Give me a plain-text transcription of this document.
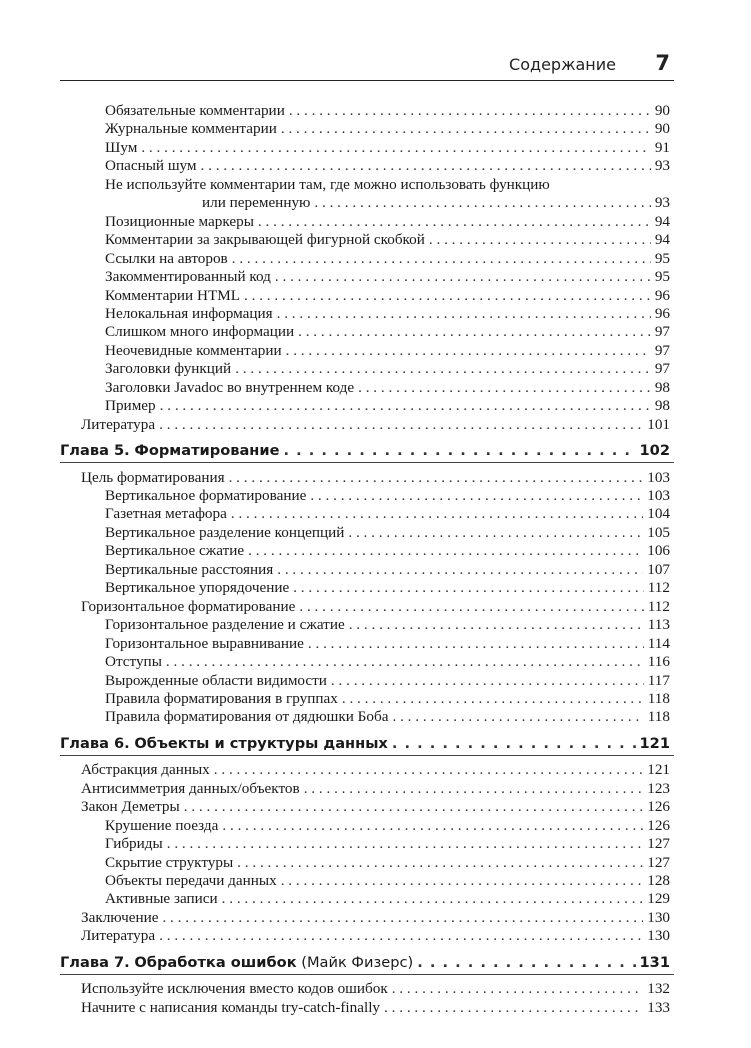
Содержание 7
Обязательные комментарии . . .	90
Журнальные комментарии . . .	90
Шум . . .	91
Опасный шум . . .	93
Не используйте комментарии там, где можно использовать функцию
или переменную . . .	93
Позиционные маркеры . . .	94
Комментарии за закрывающей фигурной скобкой . . .	94
Ссылки на авторов . . .	95
Закомментированный код . . .	95
Комментарии HTML . . .	96
Нелокальная информация . . .	96
Слишком много информации . . .	97
Неочевидные комментарии . . .	97
Заголовки функций . . .	97
Заголовки Javadoc во внутреннем коде . . .	98
Пример . . .	98
Литература . . .	101
Глава 5. Форматирование . . .	102
Цель форматирования . . .	103
Вертикальное форматирование . . .	103
Газетная метафора . . .	104
Вертикальное разделение концепций . . .	105
Вертикальное сжатие . . .	106
Вертикальные расстояния . . .	107
Вертикальное упорядочение . . .	112
Горизонтальное форматирование . . .	112
Горизонтальное разделение и сжатие . . .	113
Горизонтальное выравнивание . . .	114
Отступы . . .	116
Вырожденные области видимости . . .	117
Правила форматирования в группах . . .	118
Правила форматирования от дядюшки Боба . . .	118
Глава 6. Объекты и структуры данных . . .	121
Абстракция данных . . .	121
Антисимметрия данных/объектов . . .	123
Закон Деметры . . .	126
Крушение поезда . . .	126
Гибриды . . .	127
Скрытие структуры . . .	127
Объекты передачи данных . . .	128
Активные записи . . .	129
Заключение . . .	130
Литература . . .	130
Глава 7. Обработка ошибок (Майк Физерс) . . .	131
Используйте исключения вместо кодов ошибок . . .	132
Начните с написания команды try-catch-finally . . .	133
